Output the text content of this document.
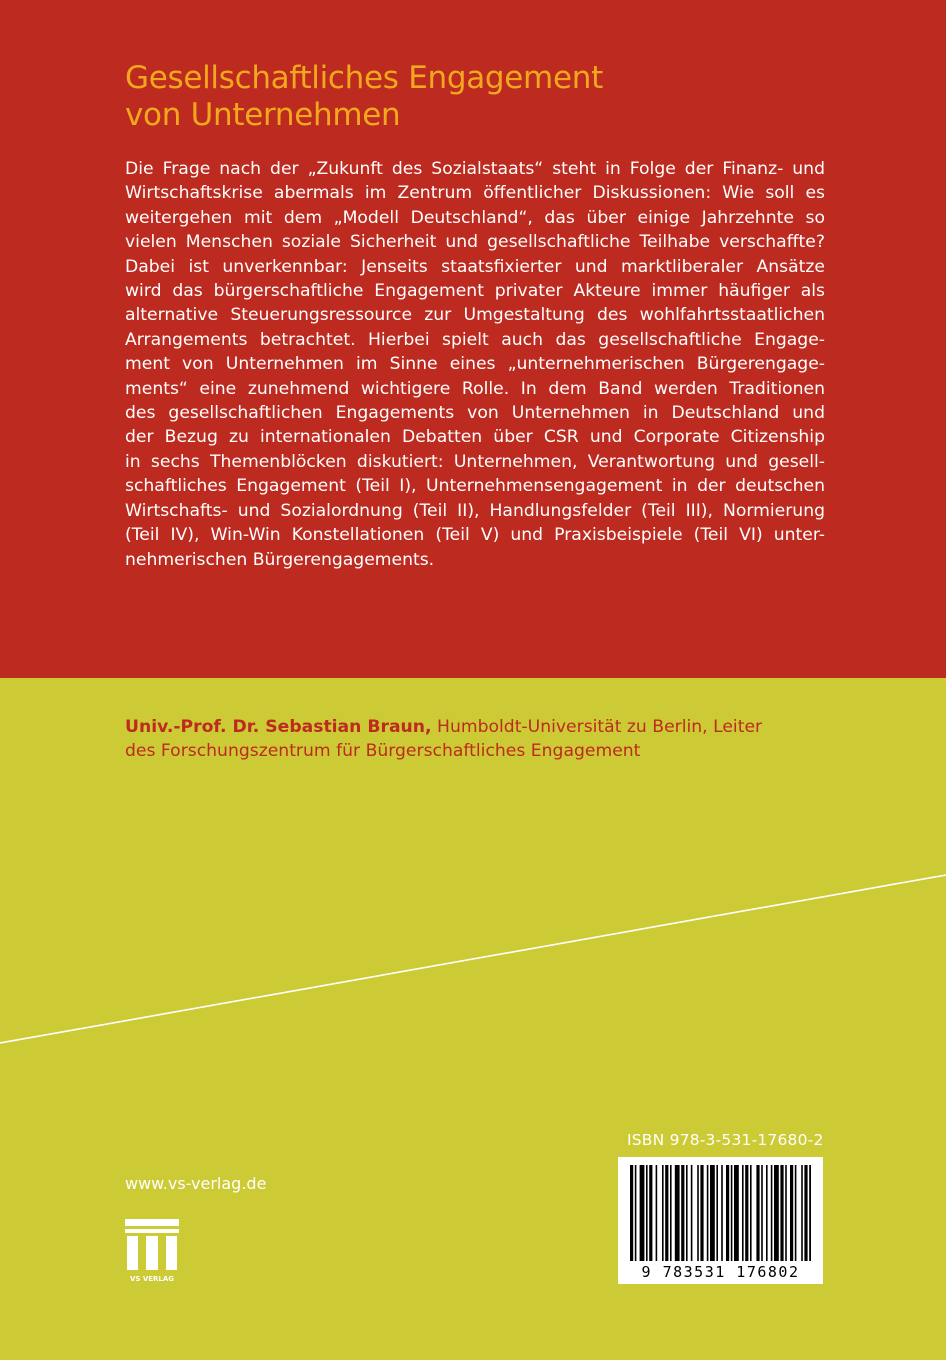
Gesellschaftliches Engagement
von Unternehmen
Die Frage nach der „Zukunft des Sozialstaats“ steht in Folge der Finanz- und
Wirtschaftskrise abermals im Zentrum öffentlicher Diskussionen: Wie soll es
weitergehen mit dem „Modell Deutschland“, das über einige Jahrzehnte so
vielen Menschen soziale Sicherheit und gesellschaftliche Teilhabe verschaffte?
Dabei ist unverkennbar: Jenseits staatsfixierter und marktliberaler Ansätze
wird das bürgerschaftliche Engagement privater Akteure immer häufiger als
alternative Steuerungsressource zur Umgestaltung des wohlfahrtsstaatlichen
Arrangements betrachtet. Hierbei spielt auch das gesellschaftliche Engage-
ment von Unternehmen im Sinne eines „unternehmerischen Bürgerengage-
ments“ eine zunehmend wichtigere Rolle. In dem Band werden Traditionen
des gesellschaftlichen Engagements von Unternehmen in Deutschland und
der Bezug zu internationalen Debatten über CSR und Corporate Citizenship
in sechs Themenblöcken diskutiert: Unternehmen, Verantwortung und gesell-
schaftliches Engagement (Teil I), Unternehmensengagement in der deutschen
Wirtschafts- und Sozialordnung (Teil II), Handlungsfelder (Teil III), Normierung
(Teil IV), Win-Win Konstellationen (Teil V) und Praxisbeispiele (Teil VI) unter-
nehmerischen Bürgerengagements.
Univ.-Prof. Dr. Sebastian Braun, Humboldt-Universität zu Berlin, Leiter
des Forschungszentrum für Bürgerschaftliches Engagement
www.vs-verlag.de
VS VERLAG
ISBN 978-3-531-17680-2
9 783531 176802
